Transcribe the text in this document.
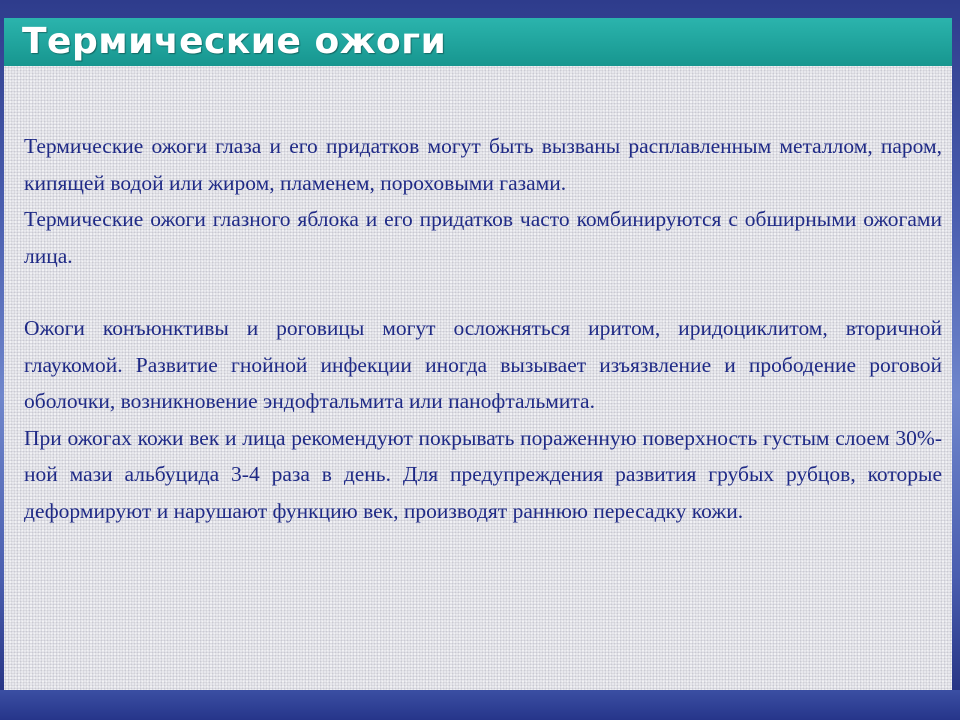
Термические ожоги

Термические ожоги глаза и его придатков могут быть вызваны расплавленным металлом, паром, кипящей водой или жиром, пламенем, пороховыми газами.

Термические ожоги глазного яблока и его придатков часто комбинируются с обширными ожогами лица.

Ожоги конъюнктивы и роговицы могут осложняться иритом, иридоциклитом, вторичной глаукомой. Развитие гнойной инфекции иногда вызывает изъязвление и прободение роговой оболочки, возникновение эндофтальмита или панофтальмита.

При ожогах кожи век и лица рекомендуют покрывать пораженную поверхность густым слоем 30%-ной мази альбуцида 3-4 раза в день. Для предупреждения развития грубых рубцов, которые деформируют и нарушают функцию век, производят раннюю пересадку кожи.
